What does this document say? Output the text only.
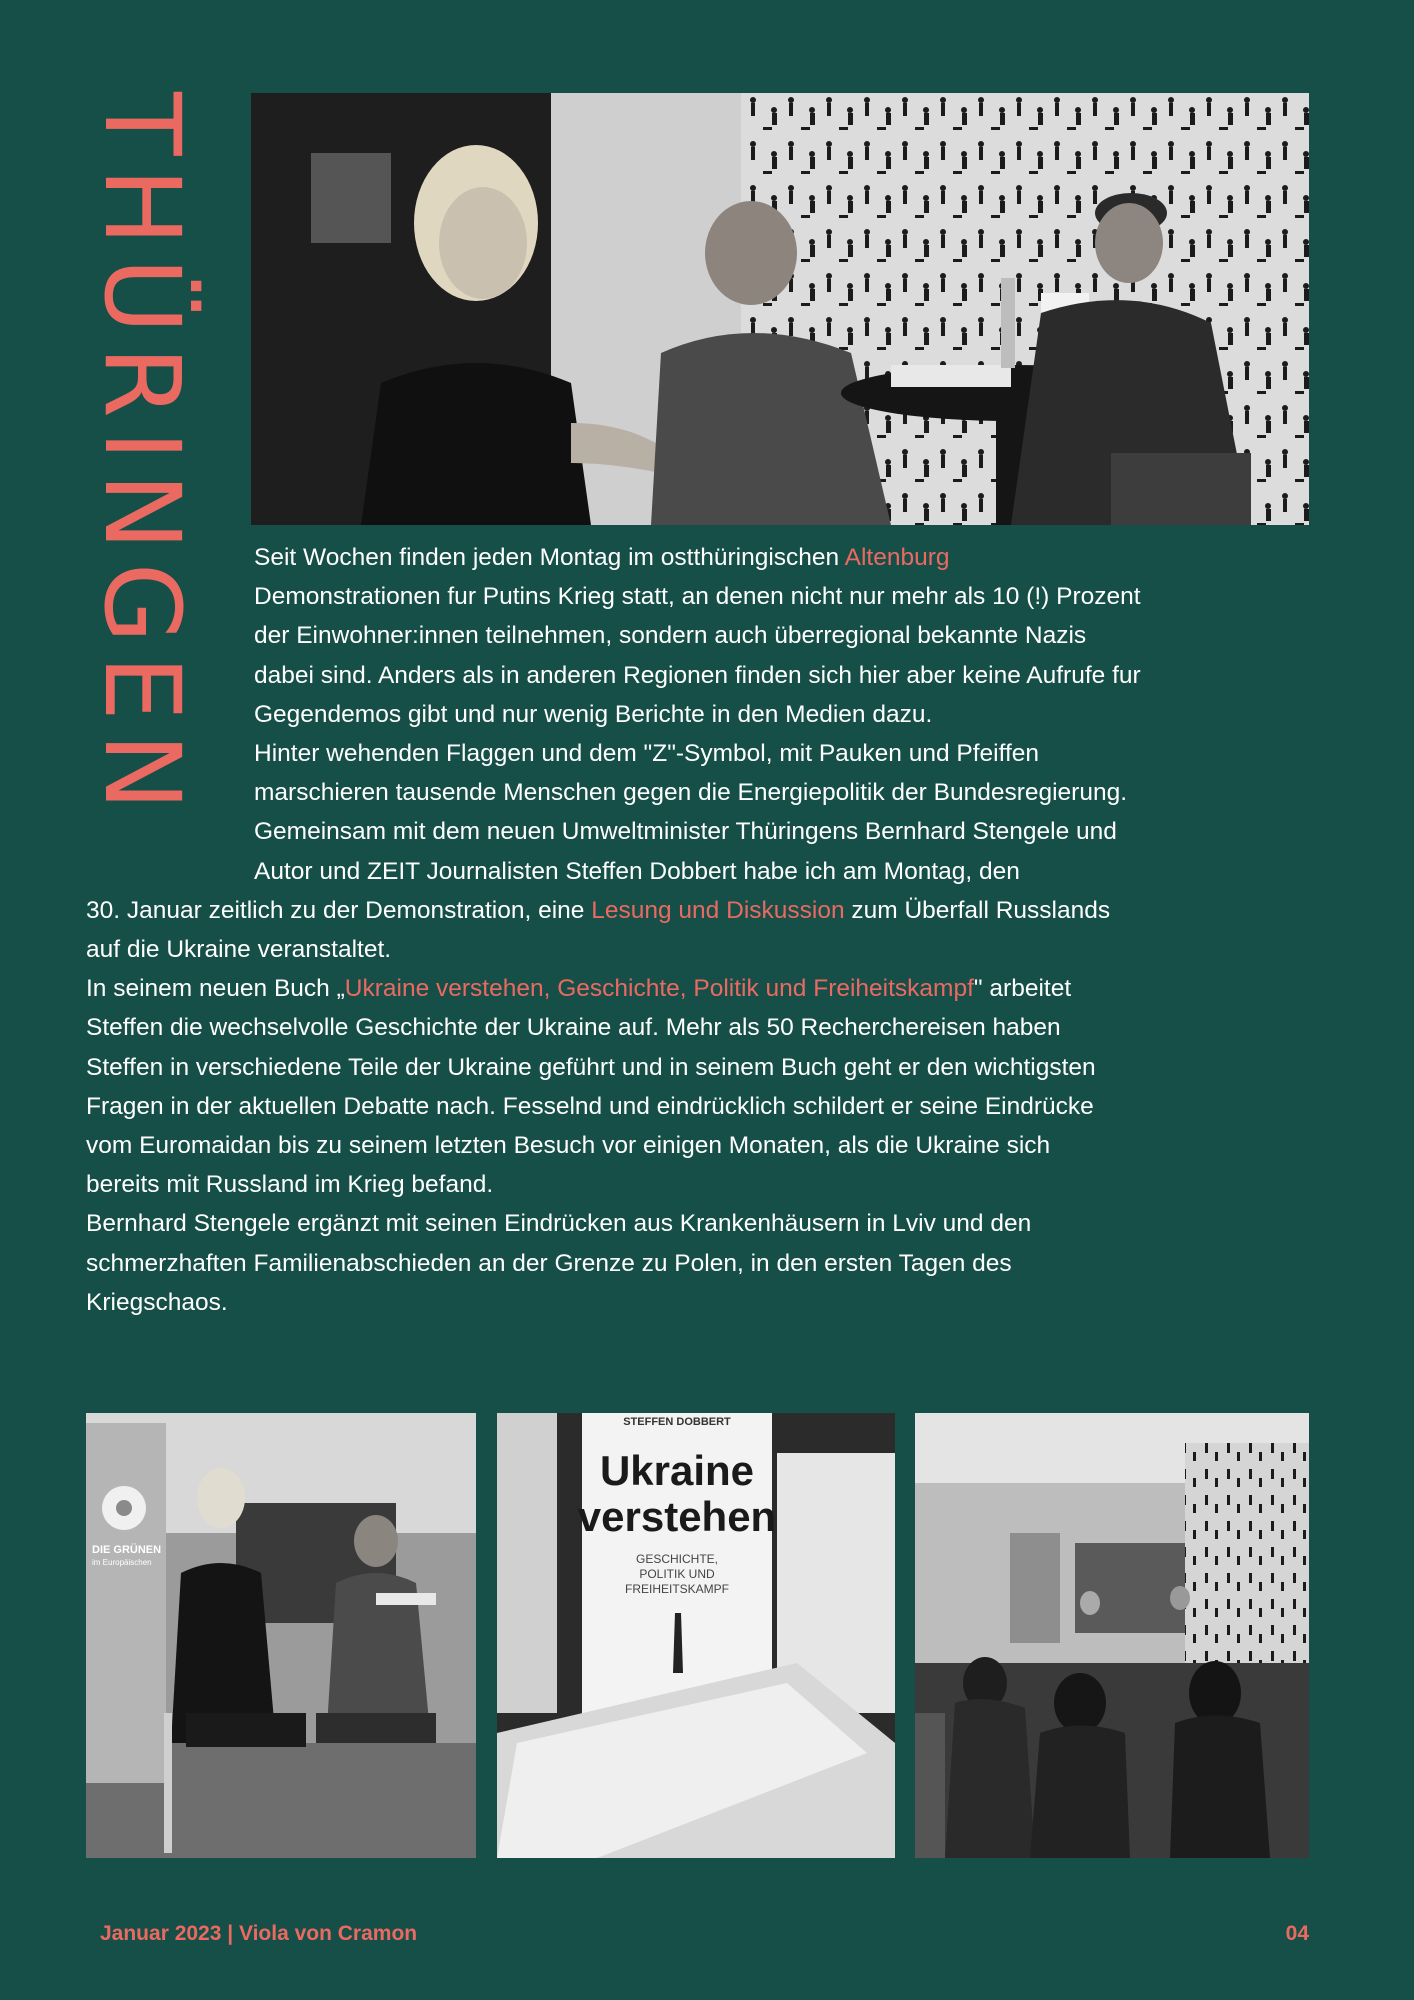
THÜRINGEN	Seit Wochen finden jeden Montag im ostthüringischen Altenburg
Demonstrationen fur Putins Krieg statt, an denen nicht nur mehr als 10 (!) Prozent
der Einwohner:innen teilnehmen, sondern auch überregional bekannte Nazis
dabei sind. Anders als in anderen Regionen finden sich hier aber keine Aufrufe fur
Gegendemos gibt und nur wenig Berichte in den Medien dazu.

Hinter wehenden Flaggen und dem "Z"-Symbol, mit Pauken und Pfeiffen
marschieren tausende Menschen gegen die Energiepolitik der Bundesregierung.
Gemeinsam mit dem neuen Umweltminister Thüringens Bernhard Stengele und
Autor und ZEIT Journalisten Steffen Dobbert habe ich am Montag, den

30. Januar zeitlich zu der Demonstration, eine Lesung und Diskussion zum Überfall Russlands
auf die Ukraine veranstaltet.

In seinem neuen Buch „Ukraine verstehen, Geschichte, Politik und Freiheitskampf" arbeitet
Steffen die wechselvolle Geschichte der Ukraine auf. Mehr als 50 Recherchereisen haben
Steffen in verschiedene Teile der Ukraine geführt und in seinem Buch geht er den wichtigsten
Fragen in der aktuellen Debatte nach. Fesselnd und eindrücklich schildert er seine Eindrücke
vom Euromaidan bis zu seinem letzten Besuch vor einigen Monaten, als die Ukraine sich
bereits mit Russland im Krieg befand.

Bernhard Stengele ergänzt mit seinen Eindrücken aus Krankenhäusern in Lviv und den
schmerzhaften Familienabschieden an der Grenze zu Polen, in den ersten Tagen des
Kriegschaos.

DIE GRÜNEN
im Europäischen
STEFFEN DOBBERT
Ukraine
verstehen
GESCHICHTE,
POLITIK UND
FREIHEITSKAMPF
Januar 2023 | Viola von Cramon	04
